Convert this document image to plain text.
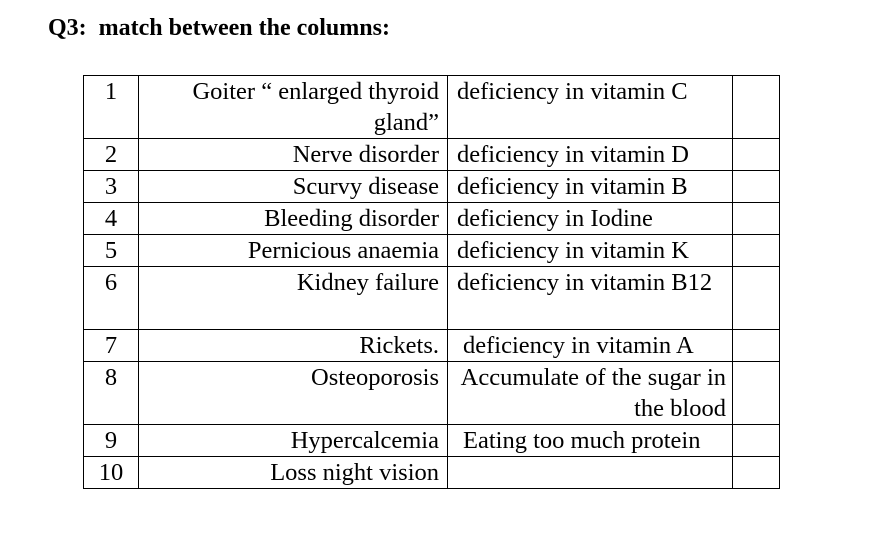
Q3:  match between the columns:
1	Goiter “ enlarged thyroid gland”	deficiency in vitamin C	
2	Nerve disorder	deficiency in vitamin D	
3	Scurvy disease	deficiency in vitamin B	
4	Bleeding disorder	deficiency in Iodine	
5	Pernicious anaemia	deficiency in vitamin K	
6	Kidney failure	deficiency in vitamin B12	
7	Rickets.	deficiency in vitamin A	
8	Osteoporosis	Accumulate of the sugar in the blood	
9	Hypercalcemia	Eating too much protein	
10	Loss night vision		
